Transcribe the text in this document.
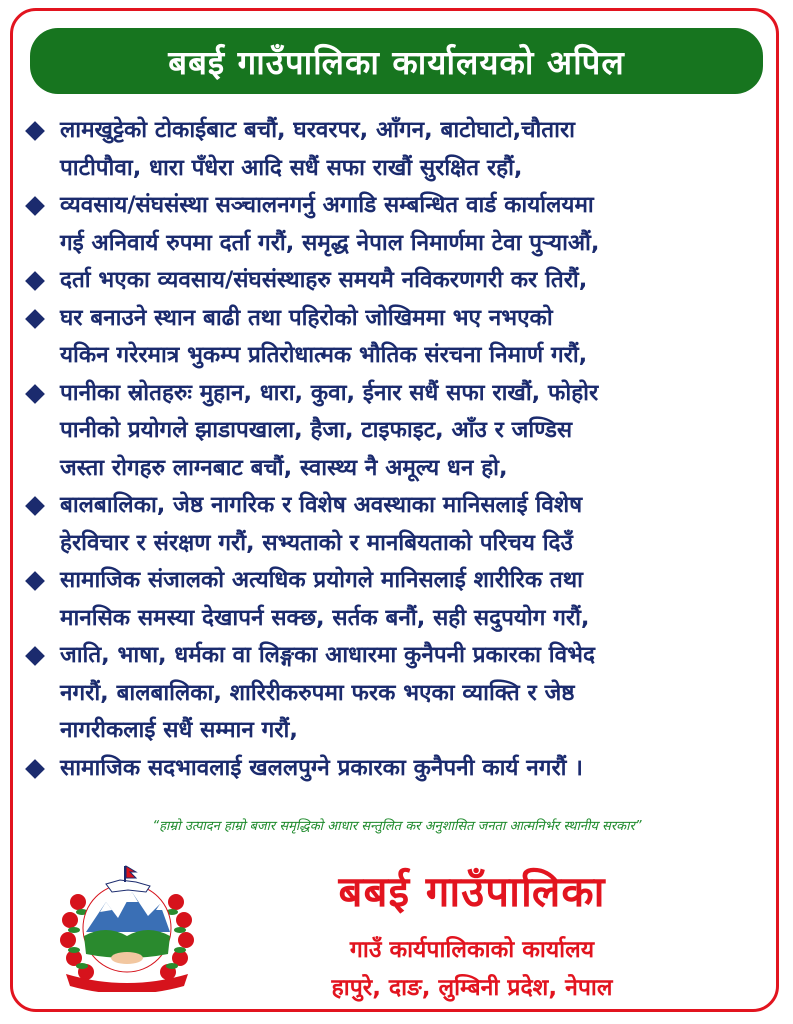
बबई गाउँपालिका कार्यालयको अपिल
लामखुट्टेको टोकाईबाट बचौं, घरवरपर, आँगन, बाटोघाटो,चौतारा
पाटीपौवा, धारा पँधेरा आदि सधैं सफा राखौं सुरक्षित रहौं,
व्यवसाय/संघसंस्था सञ्चालनगर्नु अगाडि सम्बन्धित वार्ड कार्यालयमा
गई अनिवार्य रुपमा दर्ता गरौं, समृद्ध नेपाल निमार्णमा टेवा पुर्‍याऔं,
दर्ता भएका व्यवसाय/संघसंस्थाहरु समयमै नविकरणगरी कर तिरौं,
घर बनाउने स्थान बाढी तथा पहिरोको जोखिममा भए नभएको
यकिन गरेरमात्र भुकम्प प्रतिरोधात्मक भौतिक संरचना निमार्ण गरौं,
पानीका स्रोतहरुः मुहान, धारा, कुवा, ईनार सधैं सफा राखौं, फोहोर
पानीको प्रयोगले झाडापखाला, हैजा, टाइफाइट, आँउ र जण्डिस
जस्ता रोगहरु लाग्नबाट बचौं, स्वास्थ्य नै अमूल्य धन हो,
बालबालिका, जेष्ठ नागरिक र विशेष अवस्थाका मानिसलाई विशेष
हेरविचार र संरक्षण गरौं, सभ्यताको र मानबियताको परिचय दिउँ
सामाजिक संजालको अत्यधिक प्रयोगले मानिसलाई शारीरिक तथा
मानसिक समस्या देखापर्न सक्छ, सर्तक बनौं, सही सदुपयोग गरौं,
जाति, भाषा, धर्मका वा लिङ्गका आधारमा कुनैपनी प्रकारका विभेद
नगरौं, बालबालिका, शारिरीकरुपमा फरक भएका व्याक्ति र जेष्ठ
नागरीकलाई सधैं सम्मान गरौं,
सामाजिक सदभावलाई खललपुग्ने प्रकारका कुनैपनी कार्य नगरौं ।
“हाम्रो उत्पादन हाम्रो बजार समृद्धिको आधार सन्तुलित कर अनुशासित जनता आत्मनिर्भर स्थानीय सरकार”
बबई गाउँपालिका
गाउँ कार्यपालिकाको कार्यालय
हापुरे, दाङ, लुम्बिनी प्रदेश, नेपाल
